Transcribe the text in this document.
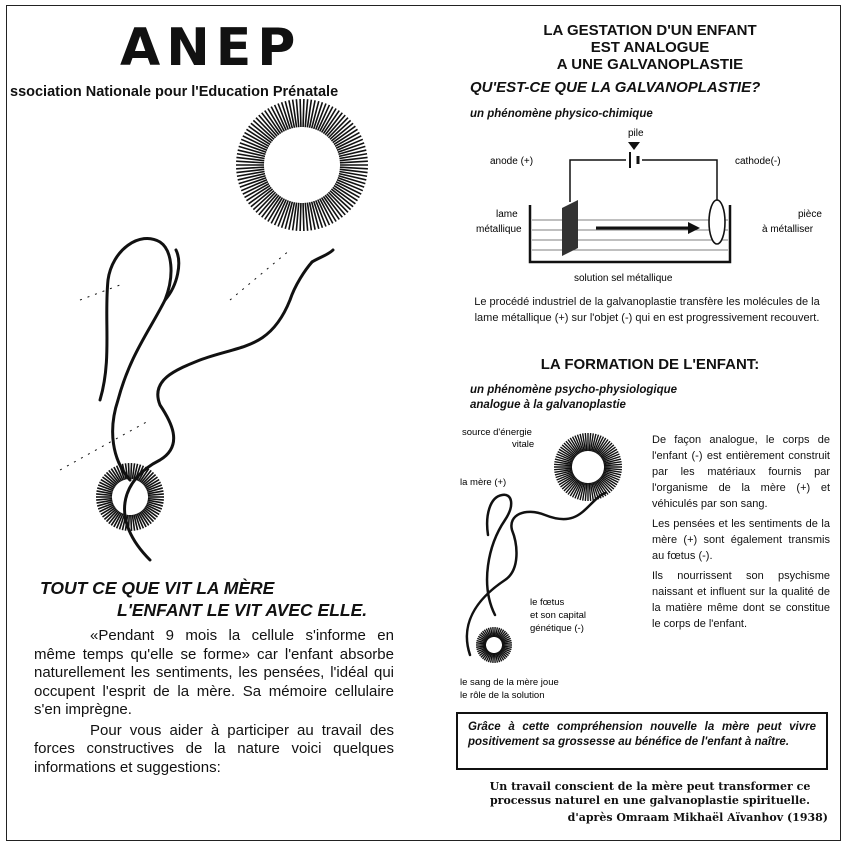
ANEP
ssociation Nationale pour l'Education Prénatale
TOUT CE QUE VIT LA MÈRE
L'ENFANT LE VIT AVEC ELLE.

«Pendant 9 mois la cellule s'informe en même temps qu'elle se forme» car l'enfant absorbe naturellement les sentiments, les pensées, l'idéal qui occupent l'esprit de la mère. Sa mémoire cellulaire s'en imprègne.

Pour vous aider à participer au travail des forces constructives de la nature voici quelques informations et suggestions:

LA GESTATION D'UN ENFANT
EST ANALOGUE
A UNE GALVANOPLASTIE
QU'EST-CE QUE LA GALVANOPLASTIE?
un phénomène physico-chimique
pile
anode (+)	cathode(-)
lame
métallique
pièce
à métalliser
solution sel métallique
Le procédé industriel de la galvanoplastie transfère les molécules de la lame métallique (+) sur l'objet (-) qui en est progressivement recouvert.
LA FORMATION DE L'ENFANT:
un phénomène psycho-physiologique
analogue à la galvanoplastie
source d'énergie
vitale
la mère (+)
le fœtus
et son capital
génétique (-)
le sang de la mère joue
le rôle de la solution

De façon analogue, le corps de l'enfant (-) est entièrement construit par les matériaux fournis par l'organisme de la mère (+) et véhiculés par son sang.

Les pensées et les sentiments de la mère (+) sont également transmis au fœtus (-).

Ils nourrissent son psychisme naissant et influent sur la qualité de la matière même dont se constitue le corps de l'enfant.

Grâce à cette compréhension nouvelle la mère peut vivre positivement sa grossesse au bénéfice de l'enfant à naître.
Un travail conscient de la mère peut transformer ce processus naturel en une galvanoplastie spirituelle.
d'après Omraam Mikhaël Aïvanhov (1938)
